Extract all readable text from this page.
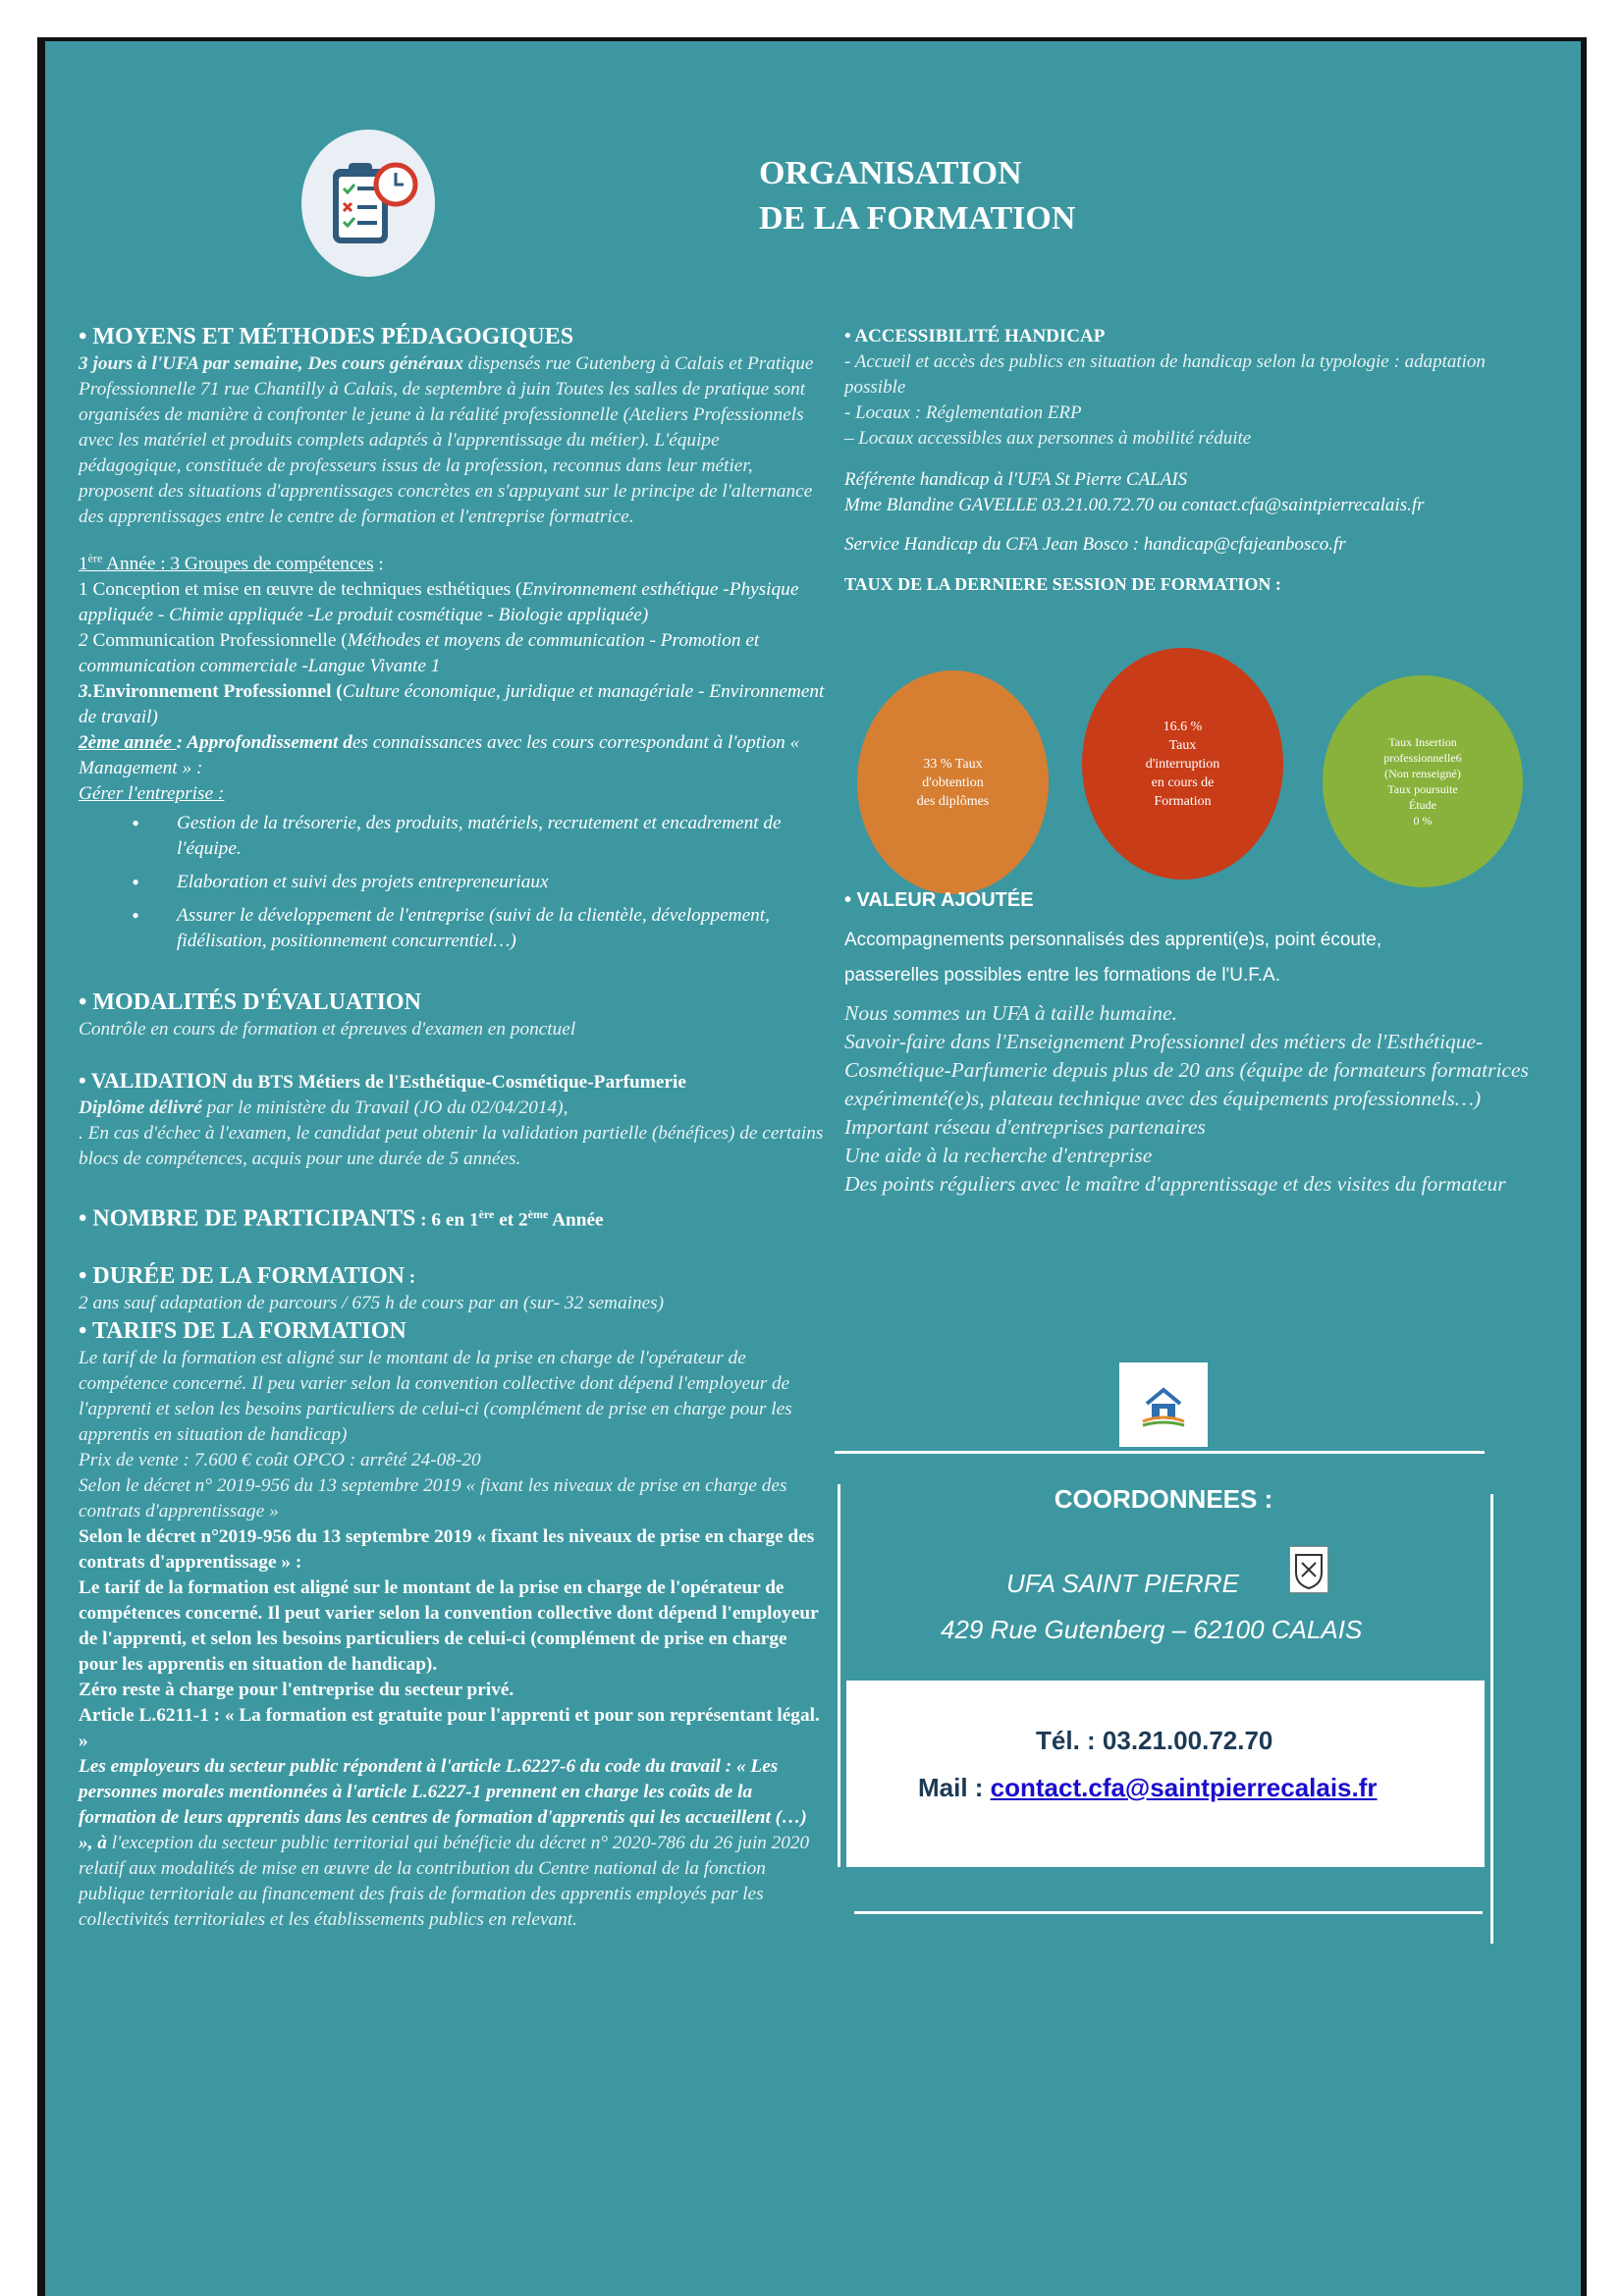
ORGANISATION
DE LA FORMATION
• MOYENS ET MÉTHODES PÉDAGOGIQUES

3 jours à l'UFA par semaine, Des cours généraux dispensés rue Gutenberg à Calais et Pratique Professionnelle 71 rue Chantilly à Calais, de septembre à juin Toutes les salles de pratique sont organisées de manière à confronter le jeune à la réalité professionnelle (Ateliers Professionnels avec les matériel et produits complets adaptés à l'apprentissage du métier). L'équipe pédagogique, constituée de professeurs issus de la profession, reconnus dans leur métier, proposent des situations d'apprentissages concrètes en s'appuyant sur le principe de l'alternance des apprentissages entre le centre de formation et l'entreprise formatrice.

1ère Année : 3 Groupes de compétences :

1 Conception et mise en œuvre de techniques esthétiques (Environnement esthétique -Physique appliquée - Chimie appliquée -Le produit cosmétique - Biologie appliquée)

2 Communication Professionnelle (Méthodes et moyens de communication - Promotion et communication commerciale -Langue Vivante 1

3.Environnement Professionnel (Culture économique, juridique et managériale - Environnement de travail)

2ème année : Approfondissement des connaissances avec les cours correspondant à l'option « Management » :

Gérer l'entreprise :

• Gestion de la trésorerie, des produits, matériels, recrutement et encadrement de l'équipe.
• Elaboration et suivi des projets entrepreneuriaux
• Assurer le développement de l'entreprise (suivi de la clientèle, développement, fidélisation, positionnement concurrentiel…)
• MODALITÉS D'ÉVALUATION

Contrôle en cours de formation et épreuves d'examen en ponctuel

• VALIDATION du BTS Métiers de l'Esthétique-Cosmétique-Parfumerie

Diplôme délivré par le ministère du Travail (JO du 02/04/2014),

. En cas d'échec à l'examen, le candidat peut obtenir la validation partielle (bénéfices) de certains blocs de compétences, acquis pour une durée de 5 années.

• NOMBRE DE PARTICIPANTS : 6 en 1ère et 2ème Année
• DURÉE DE LA FORMATION :

2 ans sauf adaptation de parcours / 675 h de cours par an (sur- 32 semaines)

• TARIFS DE LA FORMATION

Le tarif de la formation est aligné sur le montant de la prise en charge de l'opérateur de compétence concerné. Il peu varier selon la convention collective dont dépend l'employeur de l'apprenti et selon les besoins particuliers de celui-ci (complément de prise en charge pour les apprentis en situation de handicap)

Prix de vente : 7.600 € coût OPCO : arrêté 24-08-20

Selon le décret n° 2019-956 du 13 septembre 2019 « fixant les niveaux de prise en charge des contrats d'apprentissage »

Selon le décret n°2019-956 du 13 septembre 2019 « fixant les niveaux de prise en charge des contrats d'apprentissage » :

Le tarif de la formation est aligné sur le montant de la prise en charge de l'opérateur de compétences concerné. Il peut varier selon la convention collective dont dépend l'employeur de l'apprenti, et selon les besoins particuliers de celui-ci (complément de prise en charge pour les apprentis en situation de handicap).

Zéro reste à charge pour l'entreprise du secteur privé.

Article L.6211-1 : « La formation est gratuite pour l'apprenti et pour son représentant légal. »

Les employeurs du secteur public répondent à l'article L.6227-6 du code du travail : « Les personnes morales mentionnées à l'article L.6227-1 prennent en charge les coûts de la formation de leurs apprentis dans les centres de formation d'apprentis qui les accueillent (…) », à l'exception du secteur public territorial qui bénéficie du décret n° 2020-786 du 26 juin 2020 relatif aux modalités de mise en œuvre de la contribution du Centre national de la fonction publique territoriale au financement des frais de formation des apprentis employés par les collectivités territoriales et les établissements publics en relevant.

• ACCESSIBILITÉ HANDICAP

- Accueil et accès des publics en situation de handicap selon la typologie : adaptation possible

- Locaux : Réglementation ERP

– Locaux accessibles aux personnes à mobilité réduite

Référente handicap à l'UFA St Pierre CALAIS

Mme Blandine GAVELLE 03.21.00.72.70 ou contact.cfa@saintpierrecalais.fr

Service Handicap du CFA Jean Bosco : handicap@cfajeanbosco.fr

TAUX DE LA DERNIERE SESSION DE FORMATION :

33 % Taux
d'obtention
des diplômes
16.6 %
Taux
d'interruption
en cours de
Formation
Taux Insertion
professionnelle6
(Non renseigné)
Taux poursuite
Étude
0 %
• VALEUR AJOUTÉE

Accompagnements personnalisés des apprenti(e)s, point écoute,

passerelles possibles entre les formations de l'U.F.A.

Nous sommes un UFA à taille humaine.

Savoir-faire dans l'Enseignement Professionnel des métiers de l'Esthétique-Cosmétique-Parfumerie depuis plus de 20 ans (équipe de formateurs formatrices expérimenté(e)s, plateau technique avec des équipements professionnels…)

Important réseau d'entreprises partenaires

Une aide à la recherche d'entreprise

Des points réguliers avec le maître d'apprentissage et des visites du formateur

COORDONNEES :
UFA SAINT PIERRE
429 Rue Gutenberg – 62100 CALAIS
Tél. : 03.21.00.72.70
Mail : contact.cfa@saintpierrecalais.fr
